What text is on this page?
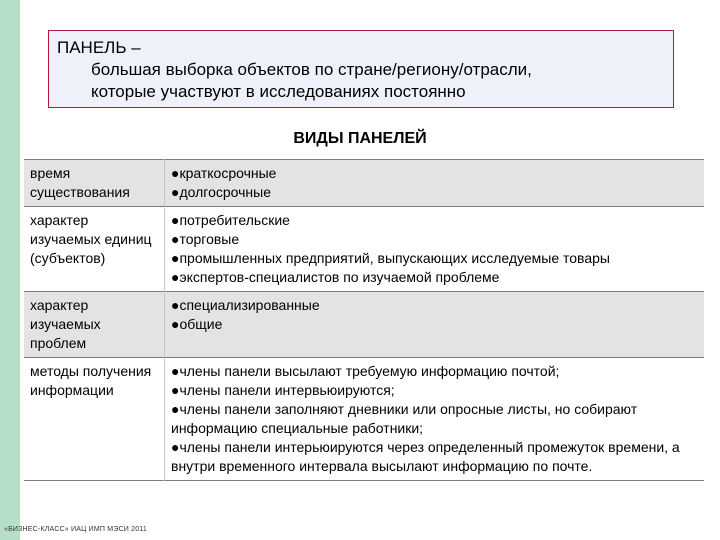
ПАНЕЛЬ –
большая выборка объектов по стране/региону/отрасли,
которые участвуют в исследованиях постоянно
ВИДЫ ПАНЕЛЕЙ
время существования	●краткосрочные
●долгосрочные

характер изучаемых единиц (субъектов)	●потребительские
●торговые
●промышленных предприятий, выпускающих исследуемые товары
●экспертов-специалистов по изучаемой проблеме

характер изучаемых проблем	●специализированные
●общие

методы получения информации	●члены панели высылают требуемую информацию почтой;
●члены панели интервьюируются;
●члены панели заполняют дневники или опросные листы, но собирают информацию специальные работники;
●члены панели интерьюируются через определенный промежуток времени, а внутри временного интервала высылают информацию по почте.
«БИЗНЕС-КЛАСС» ИАЦ ИМП МЭСИ 2011
